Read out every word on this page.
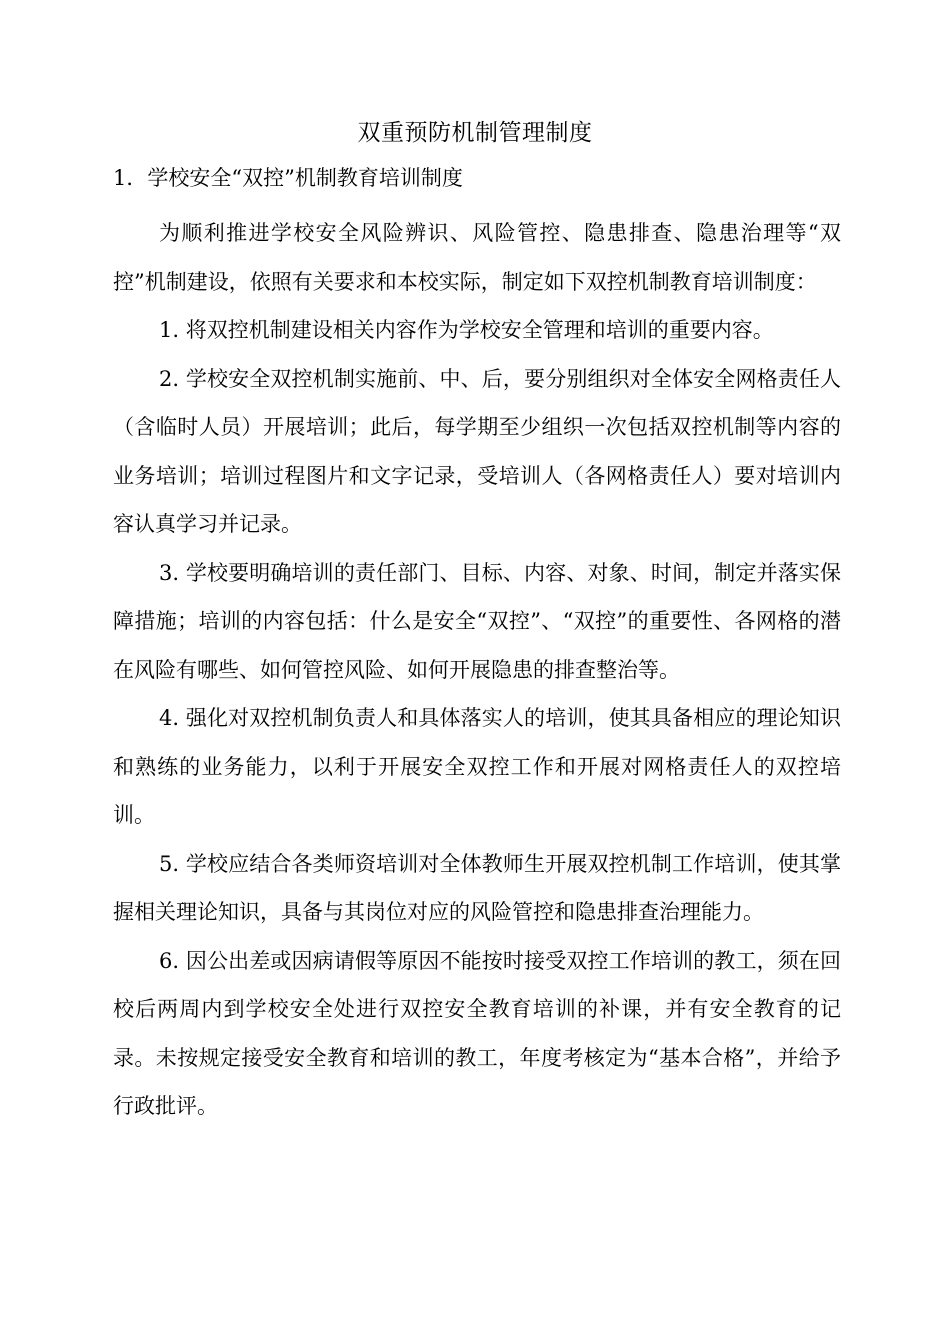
双重预防机制管理制度
1．学校安全“双控”机制教育培训制度

为顺利推进学校安全风险辨识、风险管控、隐患排查、隐患治理等“双控”机制建设，依照有关要求和本校实际，制定如下双控机制教育培训制度：

1. 将双控机制建设相关内容作为学校安全管理和培训的重要内容。

2. 学校安全双控机制实施前、中、后，要分别组织对全体安全网格责任人（含临时人员）开展培训；此后，每学期至少组织一次包括双控机制等内容的业务培训；培训过程图片和文字记录，受培训人（各网格责任人）要对培训内容认真学习并记录。

3. 学校要明确培训的责任部门、目标、内容、对象、时间，制定并落实保障措施；培训的内容包括：什么是安全“双控”、“双控”的重要性、各网格的潜在风险有哪些、如何管控风险、如何开展隐患的排查整治等。

4. 强化对双控机制负责人和具体落实人的培训，使其具备相应的理论知识和熟练的业务能力，以利于开展安全双控工作和开展对网格责任人的双控培训。

5. 学校应结合各类师资培训对全体教师生开展双控机制工作培训，使其掌握相关理论知识，具备与其岗位对应的风险管控和隐患排查治理能力。

6. 因公出差或因病请假等原因不能按时接受双控工作培训的教工，须在回校后两周内到学校安全处进行双控安全教育培训的补课，并有安全教育的记录。未按规定接受安全教育和培训的教工，年度考核定为“基本合格”，并给予行政批评。
